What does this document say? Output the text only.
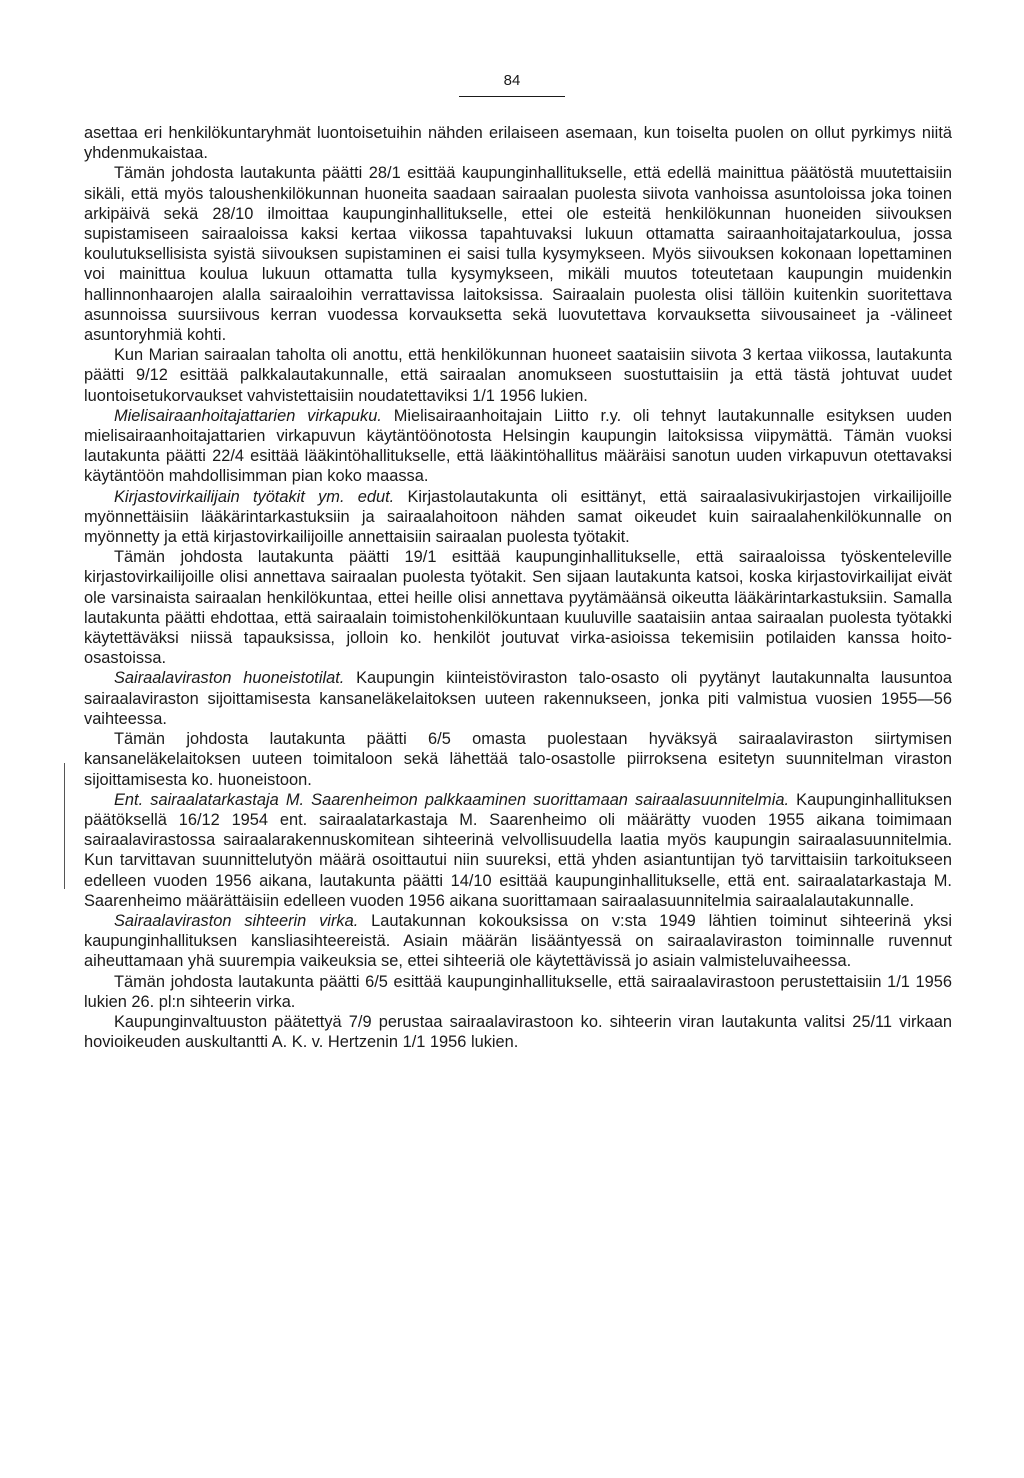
84

asettaa eri henkilökuntaryhmät luontoisetuihin nähden erilaiseen asemaan, kun toiselta puolen on ollut pyrkimys niitä yhdenmukaistaa.

Tämän johdosta lautakunta päätti 28/1 esittää kaupunginhallitukselle, että edellä mainittua päätöstä muutettaisiin sikäli, että myös taloushenkilökunnan huoneita saadaan sairaalan puolesta siivota vanhoissa asuntoloissa joka toinen arkipäivä sekä 28/10 ilmoittaa kaupunginhallitukselle, ettei ole esteitä henkilökunnan huoneiden siivouksen supistamiseen sairaaloissa kaksi kertaa viikossa tapahtuvaksi lukuun ottamatta sairaanhoitajatarkoulua, jossa koulutuksellisista syistä siivouksen supistaminen ei saisi tulla kysymykseen. Myös siivouksen kokonaan lopettaminen voi mainittua koulua lukuun ottamatta tulla kysymykseen, mikäli muutos toteutetaan kaupungin muidenkin hallinnonhaarojen alalla sairaaloihin verrattavissa laitoksissa. Sairaalain puolesta olisi tällöin kuitenkin suoritettava asunnoissa suursiivous kerran vuodessa korvauksetta sekä luovutettava korvauksetta siivousaineet ja -välineet asuntoryhmiä kohti.

Kun Marian sairaalan taholta oli anottu, että henkilökunnan huoneet saataisiin siivota 3 kertaa viikossa, lautakunta päätti 9/12 esittää palkkalautakunnalle, että sairaalan anomukseen suostuttaisiin ja että tästä johtuvat uudet luontoisetukorvaukset vahvistettaisiin noudatettaviksi 1/1 1956 lukien.

Mielisairaanhoitajattarien virkapuku. Mielisairaanhoitajain Liitto r.y. oli tehnyt lautakunnalle esityksen uuden mielisairaanhoitajattarien virkapuvun käytäntöönotosta Helsingin kaupungin laitoksissa viipymättä. Tämän vuoksi lautakunta päätti 22/4 esittää lääkintöhallitukselle, että lääkintöhallitus määräisi sanotun uuden virkapuvun otettavaksi käytäntöön mahdollisimman pian koko maassa.

Kirjastovirkailijain työtakit ym. edut. Kirjastolautakunta oli esittänyt, että sairaalasivukirjastojen virkailijoille myönnettäisiin lääkärintarkastuksiin ja sairaalahoitoon nähden samat oikeudet kuin sairaalahenkilökunnalle on myönnetty ja että kirjastovirkailijoille annettaisiin sairaalan puolesta työtakit.

Tämän johdosta lautakunta päätti 19/1 esittää kaupunginhallitukselle, että sairaaloissa työskenteleville kirjastovirkailijoille olisi annettava sairaalan puolesta työtakit. Sen sijaan lautakunta katsoi, koska kirjastovirkailijat eivät ole varsinaista sairaalan henkilökuntaa, ettei heille olisi annettava pyytämäänsä oikeutta lääkärintarkastuksiin. Samalla lautakunta päätti ehdottaa, että sairaalain toimistohenkilökuntaan kuuluville saataisiin antaa sairaalan puolesta työtakki käytettäväksi niissä tapauksissa, jolloin ko. henkilöt joutuvat virka-asioissa tekemisiin potilaiden kanssa hoito-osastoissa.

Sairaalaviraston huoneistotilat. Kaupungin kiinteistöviraston talo-osasto oli pyytänyt lautakunnalta lausuntoa sairaalaviraston sijoittamisesta kansaneläkelaitoksen uuteen rakennukseen, jonka piti valmistua vuosien 1955—56 vaihteessa.

Tämän johdosta lautakunta päätti 6/5 omasta puolestaan hyväksyä sairaalaviraston siirtymisen kansaneläkelaitoksen uuteen toimitaloon sekä lähettää talo-osastolle piirroksena esitetyn suunnitelman viraston sijoittamisesta ko. huoneistoon.

Ent. sairaalatarkastaja M. Saarenheimon palkkaaminen suorittamaan sairaalasuunnitelmia. Kaupunginhallituksen päätöksellä 16/12 1954 ent. sairaalatarkastaja M. Saarenheimo oli määrätty vuoden 1955 aikana toimimaan sairaalavirastossa sairaalarakennuskomitean sihteerinä velvollisuudella laatia myös kaupungin sairaalasuunnitelmia. Kun tarvittavan suunnittelutyön määrä osoittautui niin suureksi, että yhden asiantuntijan työ tarvittaisiin tarkoitukseen edelleen vuoden 1956 aikana, lautakunta päätti 14/10 esittää kaupunginhallitukselle, että ent. sairaalatarkastaja M. Saarenheimo määrättäisiin edelleen vuoden 1956 aikana suorittamaan sairaalasuunnitelmia sairaalalautakunnalle.

Sairaalaviraston sihteerin virka. Lautakunnan kokouksissa on v:sta 1949 lähtien toiminut sihteerinä yksi kaupunginhallituksen kansliasihteereistä. Asiain määrän lisääntyessä on sairaalaviraston toiminnalle ruvennut aiheuttamaan yhä suurempia vaikeuksia se, ettei sihteeriä ole käytettävissä jo asiain valmisteluvaiheessa.

Tämän johdosta lautakunta päätti 6/5 esittää kaupunginhallitukselle, että sairaalavirastoon perustettaisiin 1/1 1956 lukien 26. pl:n sihteerin virka.

Kaupunginvaltuuston päätettyä 7/9 perustaa sairaalavirastoon ko. sihteerin viran lautakunta valitsi 25/11 virkaan hovioikeuden auskultantti A. K. v. Hertzenin 1/1 1956 lukien.
